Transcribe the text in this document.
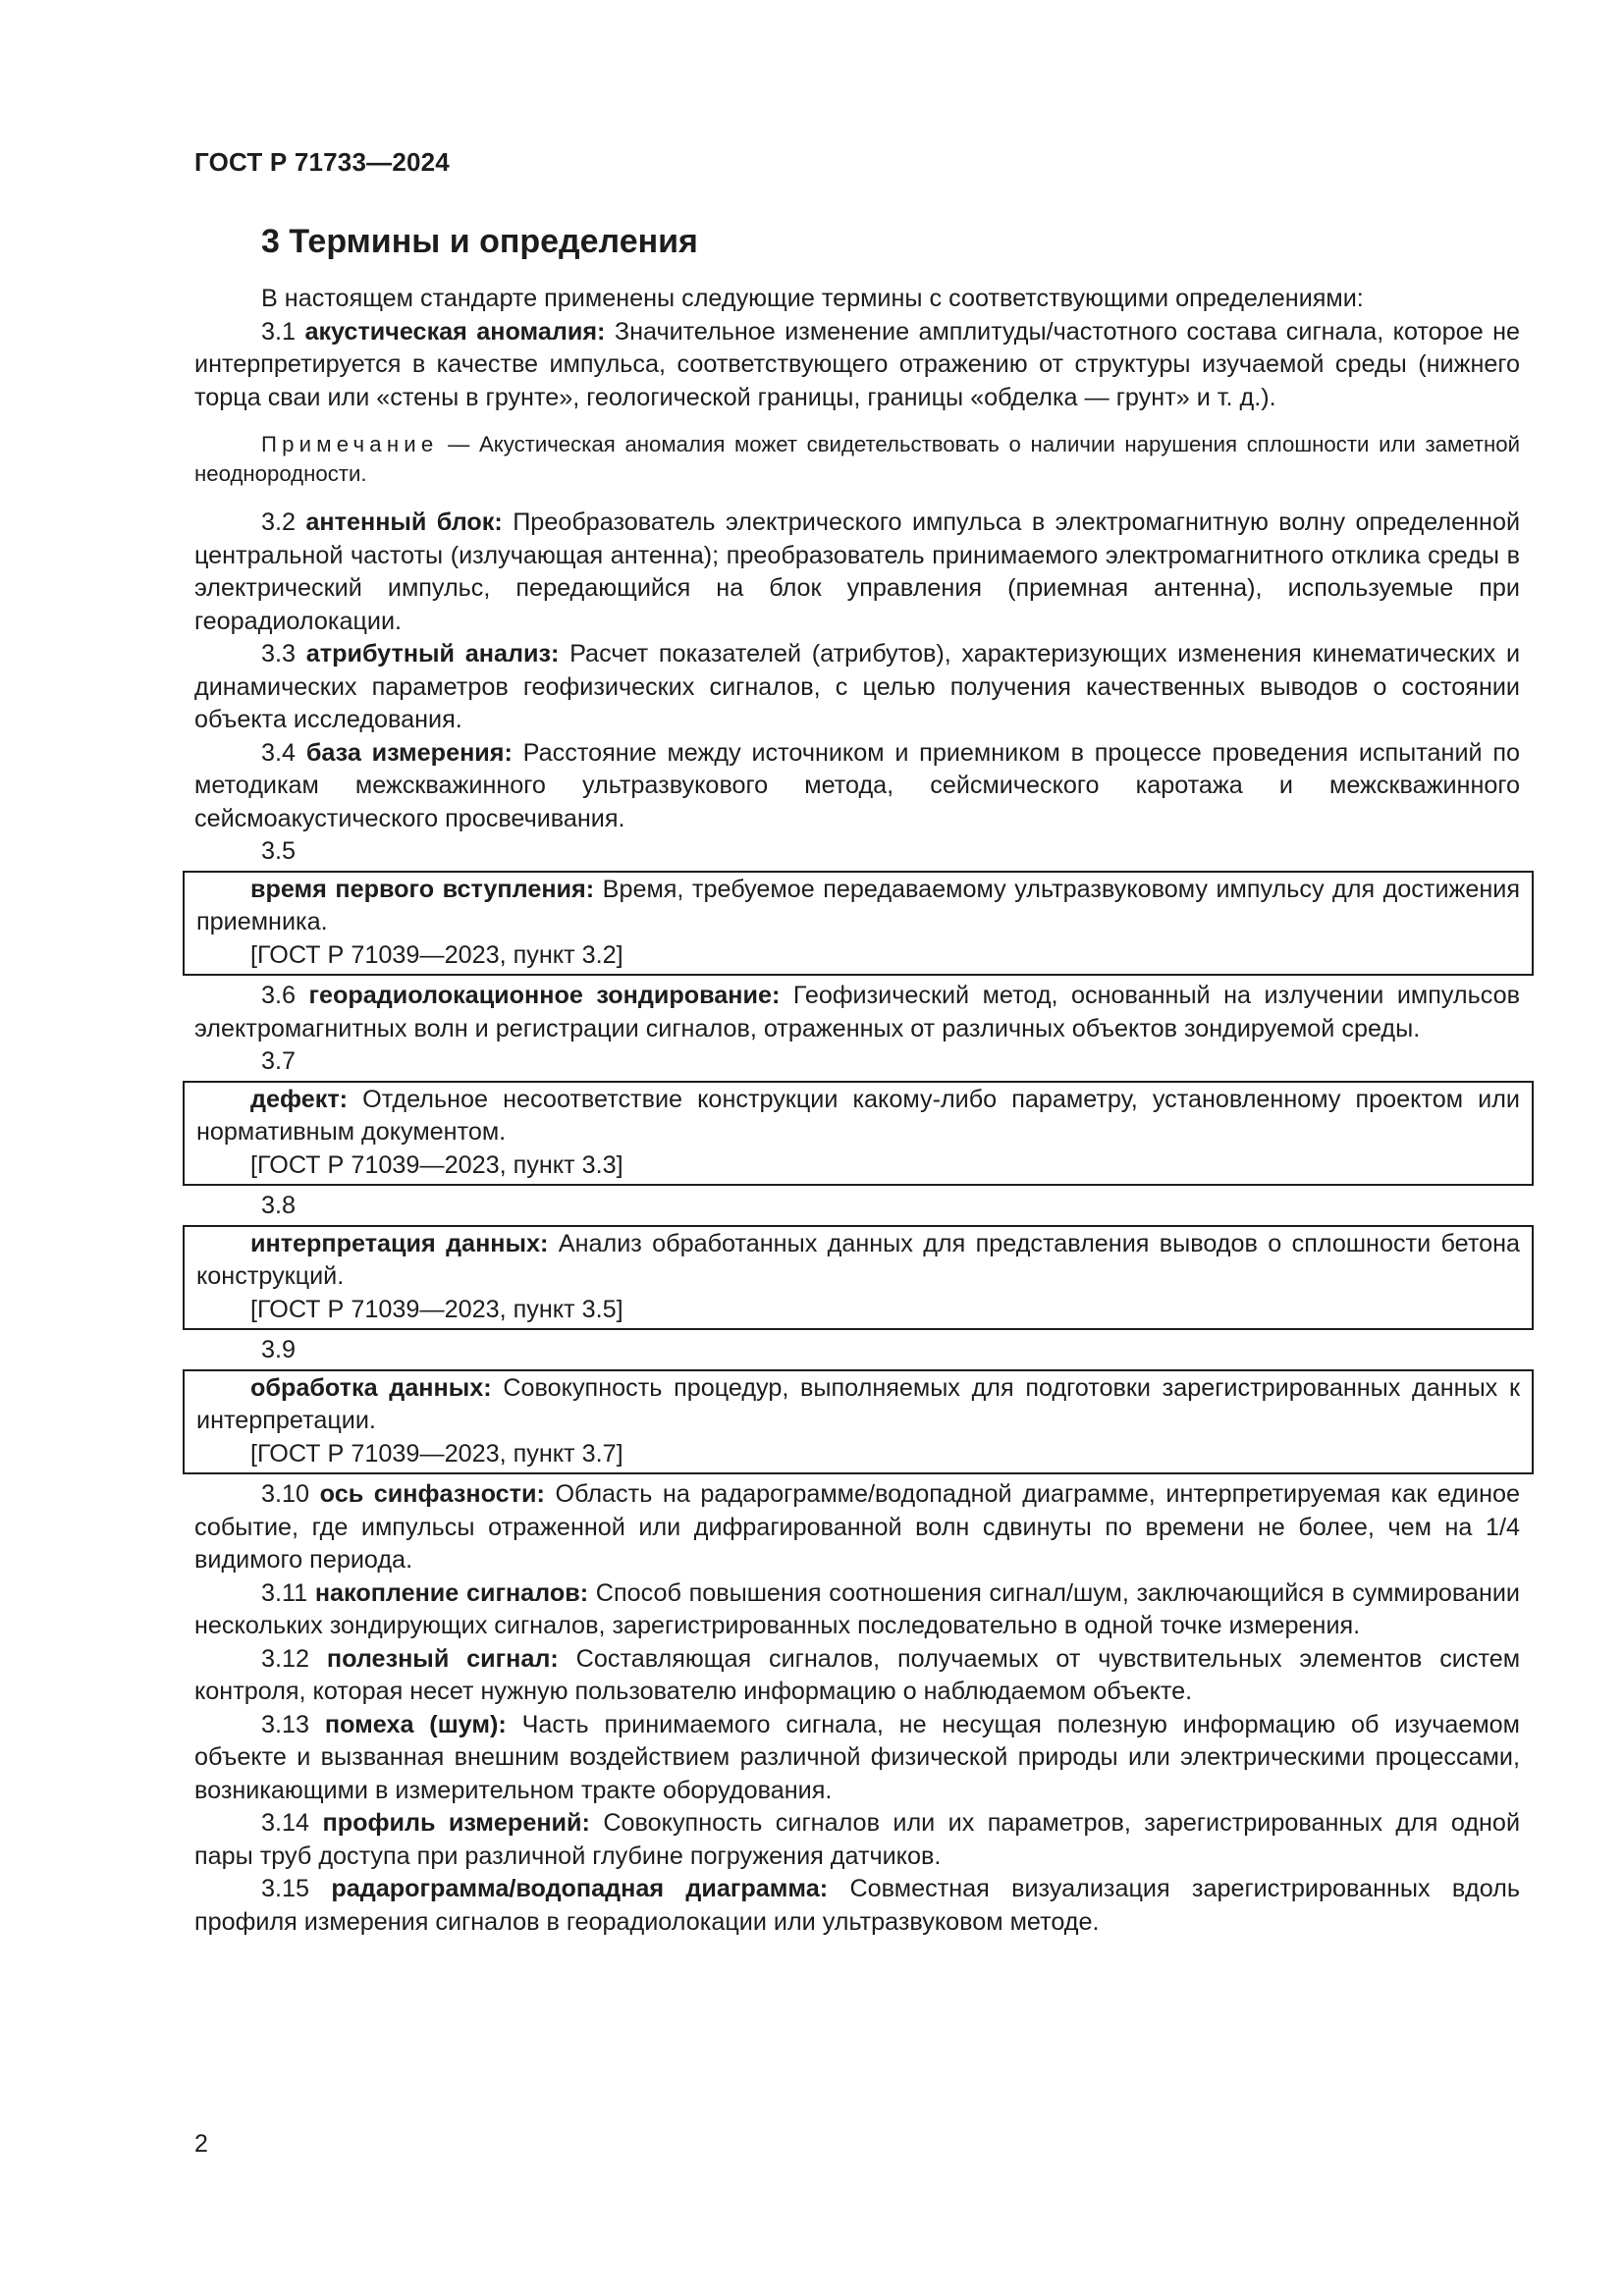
ГОСТ Р 71733—2024
3 Термины и определения

В настоящем стандарте применены следующие термины с соответствующими определениями:

3.1 акустическая аномалия: Значительное изменение амплитуды/частотного состава сигнала, которое не интерпретируется в качестве импульса, соответствующего отражению от структуры изучаемой среды (нижнего торца сваи или «стены в грунте», геологической границы, границы «обделка — грунт» и т. д.).

Примечание — Акустическая аномалия может свидетельствовать о наличии нарушения сплошности или заметной неоднородности.

3.2 антенный блок: Преобразователь электрического импульса в электромагнитную волну определенной центральной частоты (излучающая антенна); преобразователь принимаемого электромагнитного отклика среды в электрический импульс, передающийся на блок управления (приемная антенна), используемые при георадиолокации.

3.3 атрибутный анализ: Расчет показателей (атрибутов), характеризующих изменения кинематических и динамических параметров геофизических сигналов, с целью получения качественных выводов о состоянии объекта исследования.

3.4 база измерения: Расстояние между источником и приемником в процессе проведения испытаний по методикам межскважинного ультразвукового метода, сейсмического каротажа и межскважинного сейсмоакустического просвечивания.

3.5

время первого вступления: Время, требуемое передаваемому ультразвуковому импульсу для достижения приемника.

[ГОСТ Р 71039—2023, пункт 3.2]

3.6 георадиолокационное зондирование: Геофизический метод, основанный на излучении импульсов электромагнитных волн и регистрации сигналов, отраженных от различных объектов зондируемой среды.

3.7

дефект: Отдельное несоответствие конструкции какому-либо параметру, установленному проектом или нормативным документом.

[ГОСТ Р 71039—2023, пункт 3.3]
3.8

интерпретация данных: Анализ обработанных данных для представления выводов о сплошности бетона конструкций.

[ГОСТ Р 71039—2023, пункт 3.5]
3.9

обработка данных: Совокупность процедур, выполняемых для подготовки зарегистрированных данных к интерпретации.

[ГОСТ Р 71039—2023, пункт 3.7]

3.10 ось синфазности: Область на радарограмме/водопадной диаграмме, интерпретируемая как единое событие, где импульсы отраженной или дифрагированной волн сдвинуты по времени не более, чем на 1/4 видимого периода.

3.11 накопление сигналов: Способ повышения соотношения сигнал/шум, заключающийся в суммировании нескольких зондирующих сигналов, зарегистрированных последовательно в одной точке измерения.

3.12 полезный сигнал: Составляющая сигналов, получаемых от чувствительных элементов систем контроля, которая несет нужную пользователю информацию о наблюдаемом объекте.

3.13 помеха (шум): Часть принимаемого сигнала, не несущая полезную информацию об изучаемом объекте и вызванная внешним воздействием различной физической природы или электрическими процессами, возникающими в измерительном тракте оборудования.

3.14 профиль измерений: Совокупность сигналов или их параметров, зарегистрированных для одной пары труб доступа при различной глубине погружения датчиков.

3.15 радарограмма/водопадная диаграмма: Совместная визуализация зарегистрированных вдоль профиля измерения сигналов в георадиолокации или ультразвуковом методе.

2
